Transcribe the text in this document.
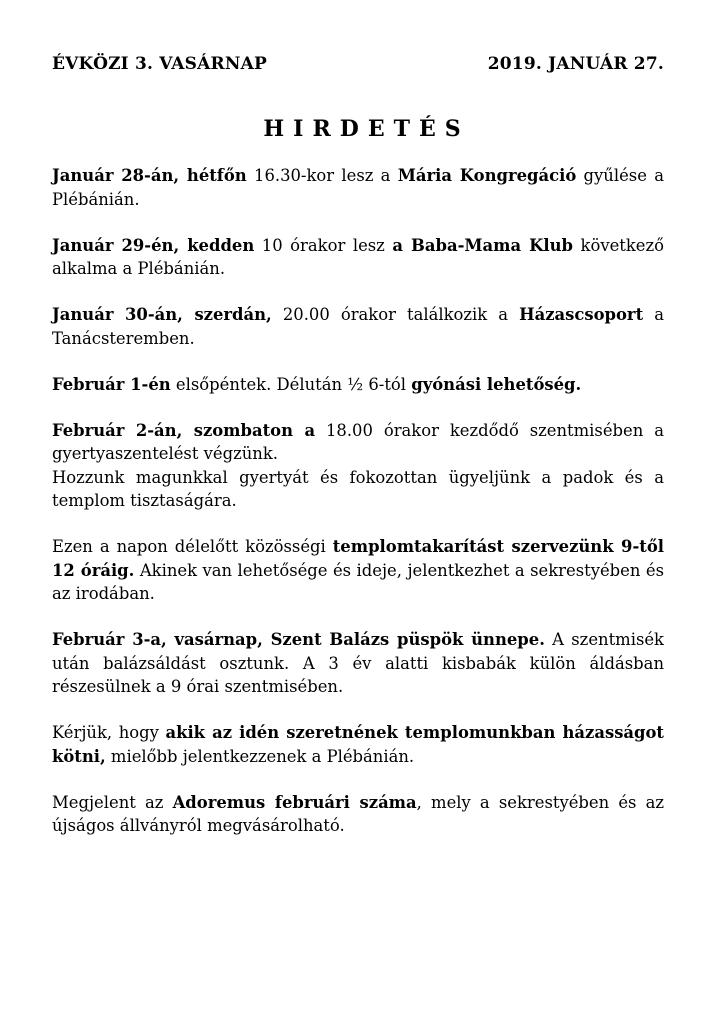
ÉVKÖZI 3. VASÁRNAP	2019. JANUÁR 27.
HIRDETÉS

Január 28-án, hétfőn 16.30-kor lesz a Mária Kongregáció gyűlése a Plébánián.

Január 29-én, kedden 10 órakor lesz a Baba-Mama Klub következő alkalma a Plébánián.

Január 30-án, szerdán, 20.00 órakor találkozik a Házascsoport a Tanácsteremben.

Február 1-én elsőpéntek. Délután ½ 6-tól gyónási lehetőség.

Február 2-án, szombaton a 18.00 órakor kezdődő szentmisében a gyertyaszentelést végzünk.
Hozzunk magunkkal gyertyát és fokozottan ügyeljünk a padok és a templom tisztaságára.

Ezen a napon délelőtt közösségi templomtakarítást szervezünk 9-től 12 óráig. Akinek van lehetősége és ideje, jelentkezhet a sekrestyében és az irodában.

Február 3-a, vasárnap, Szent Balázs püspök ünnepe. A szentmisék után balázsáldást osztunk. A 3 év alatti kisbabák külön áldásban részesülnek a 9 órai szentmisében.

Kérjük, hogy akik az idén szeretnének templomunkban házasságot kötni, mielőbb jelentkezzenek a Plébánián.

Megjelent az Adoremus februári száma, mely a sekrestyében és az újságos állványról megvásárolható.
